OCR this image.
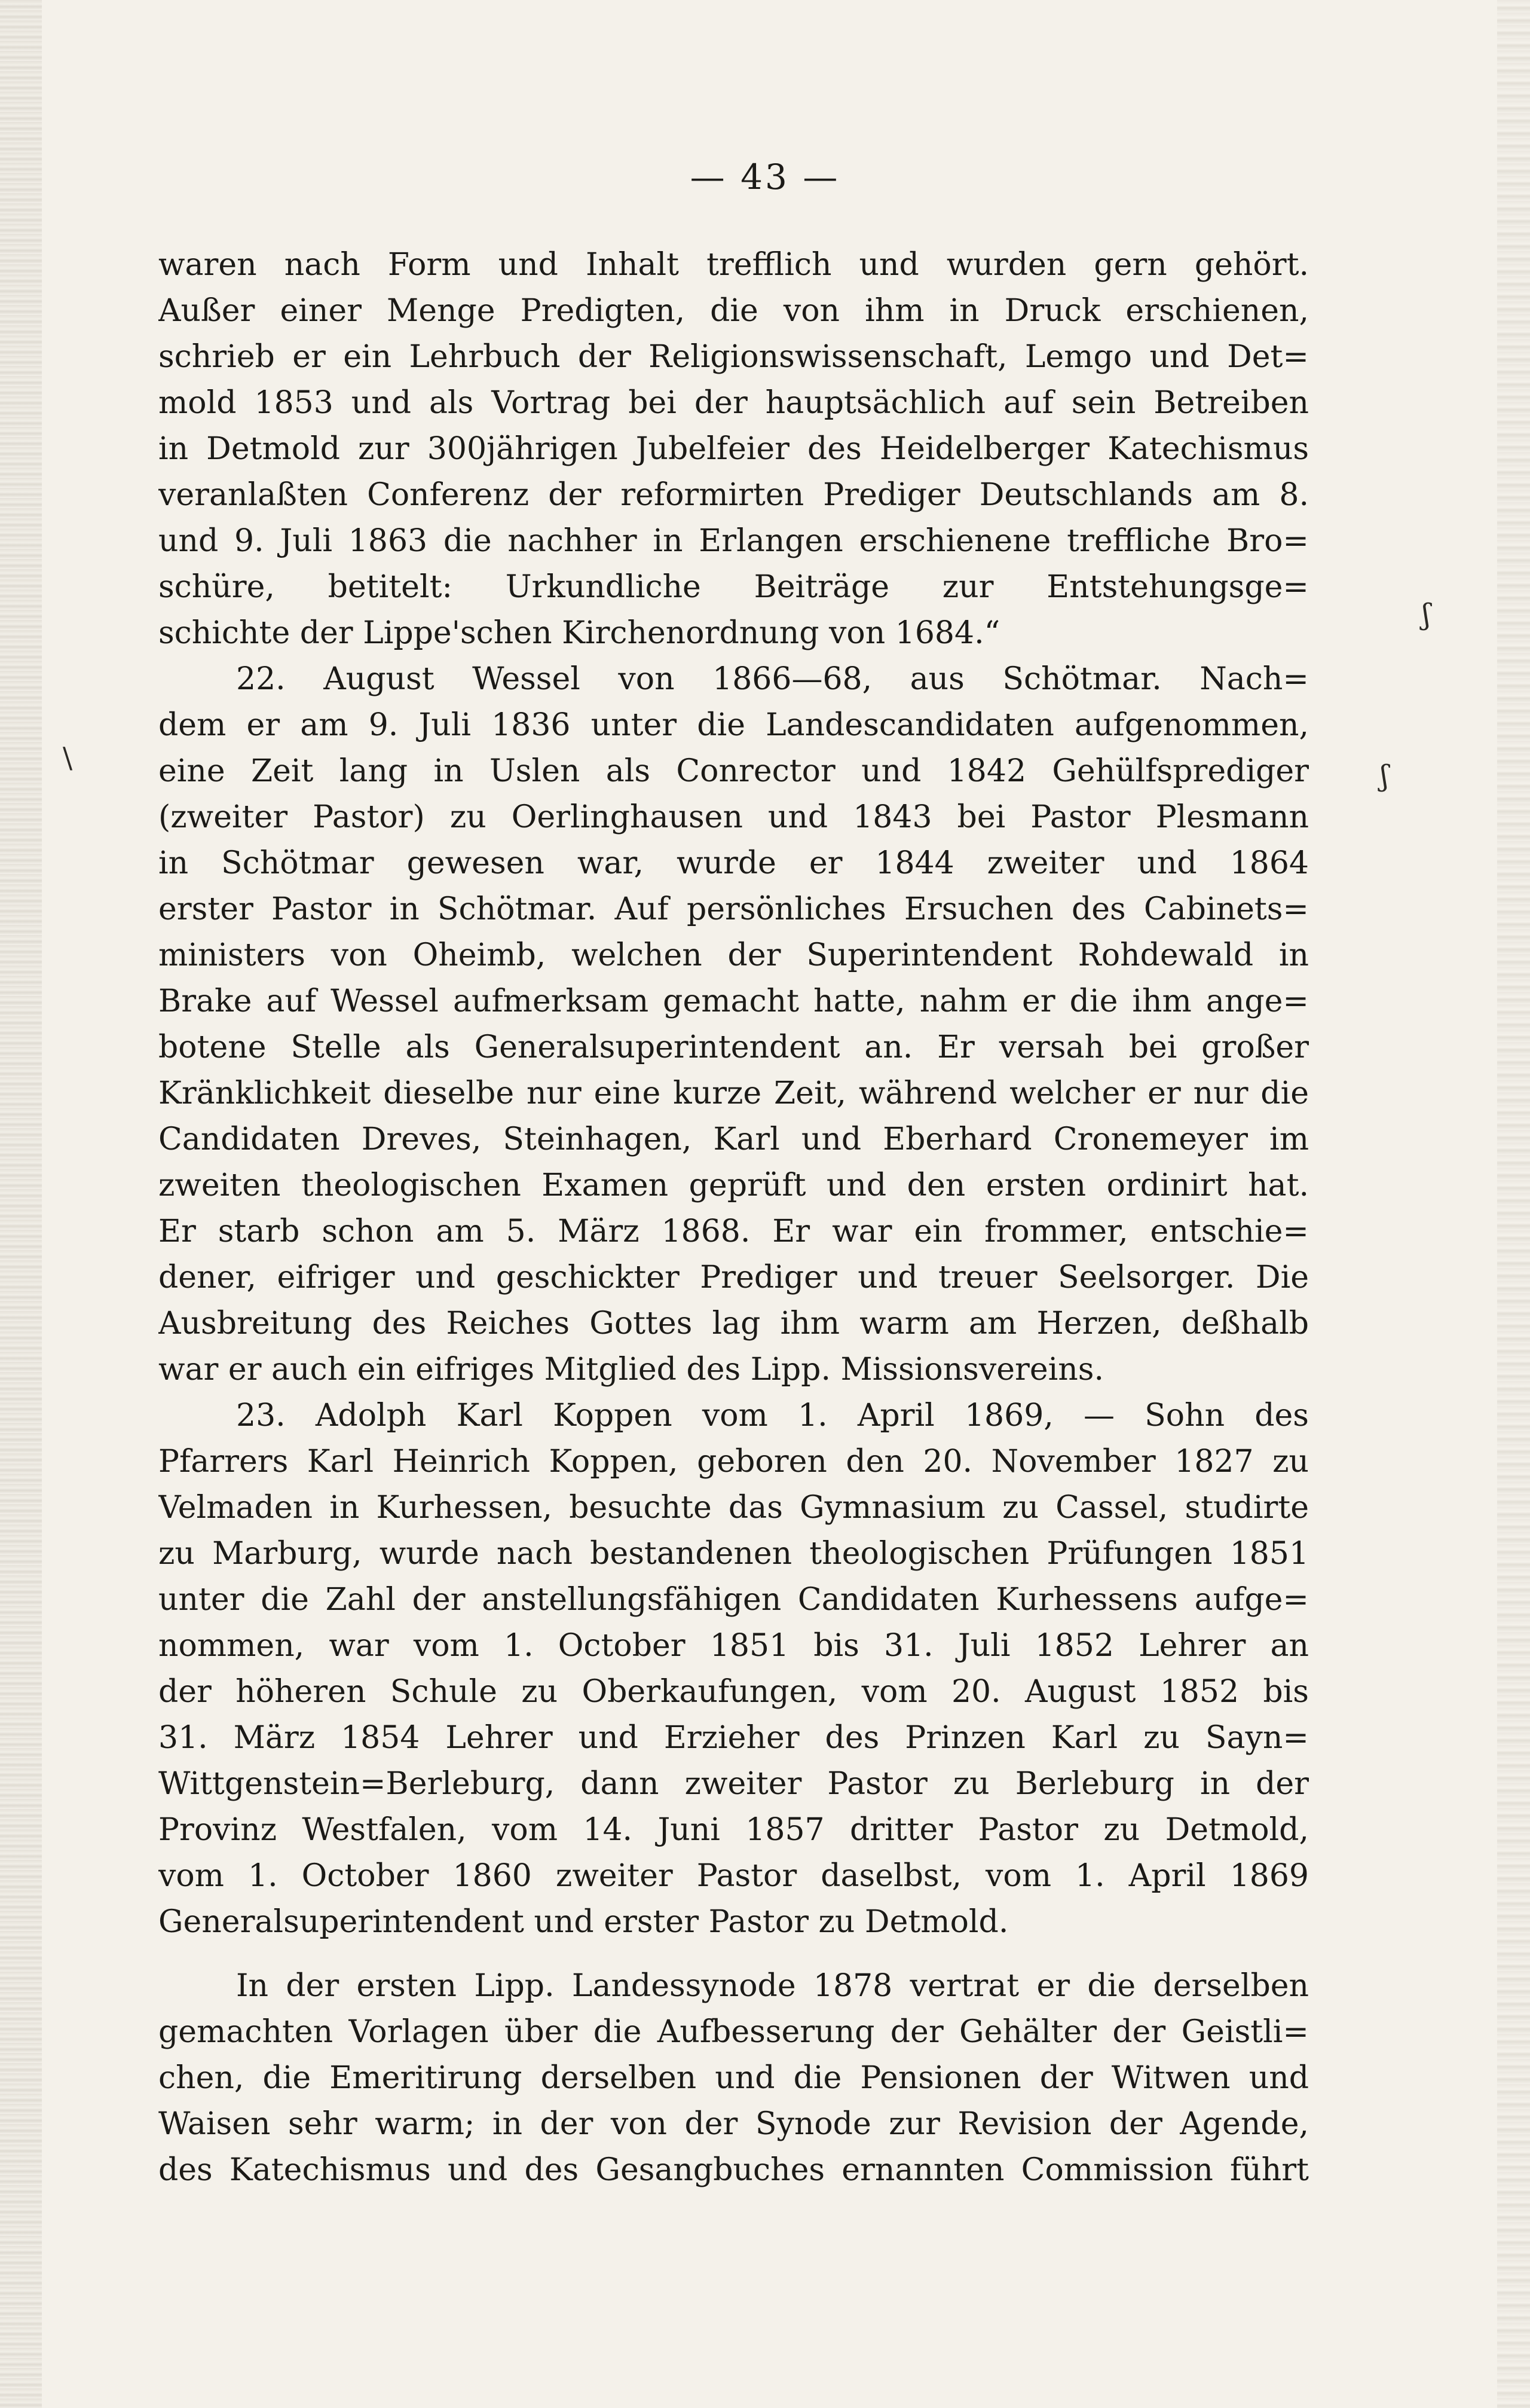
ʃ
ʃ
\
— 43 —
waren nach Form und Inhalt trefflich und wurden gern gehört.
Außer einer Menge Predigten, die von ihm in Druck erschienen,
schrieb er ein Lehrbuch der Religionswissenschaft, Lemgo und Det=
mold 1853 und als Vortrag bei der hauptsächlich auf sein Betreiben
in Detmold zur 300jährigen Jubelfeier des Heidelberger Katechismus
veranlaßten Conferenz der reformirten Prediger Deutschlands am 8.
und 9. Juli 1863 die nachher in Erlangen erschienene treffliche Bro=
schüre, betitelt: Urkundliche Beiträge zur Entstehungsge=
schichte der Lippe'schen Kirchenordnung von 1684.“
22. August Wessel von 1866—68, aus Schötmar. Nach=
dem er am 9. Juli 1836 unter die Landescandidaten aufgenommen,
eine Zeit lang in Uslen als Conrector und 1842 Gehülfsprediger
(zweiter Pastor) zu Oerlinghausen und 1843 bei Pastor Plesmann
in Schötmar gewesen war, wurde er 1844 zweiter und 1864
erster Pastor in Schötmar. Auf persönliches Ersuchen des Cabinets=
ministers von Oheimb, welchen der Superintendent Rohdewald in
Brake auf Wessel aufmerksam gemacht hatte, nahm er die ihm ange=
botene Stelle als Generalsuperintendent an. Er versah bei großer
Kränklichkeit dieselbe nur eine kurze Zeit, während welcher er nur die
Candidaten Dreves, Steinhagen, Karl und Eberhard Cronemeyer im
zweiten theologischen Examen geprüft und den ersten ordinirt hat.
Er starb schon am 5. März 1868. Er war ein frommer, entschie=
dener, eifriger und geschickter Prediger und treuer Seelsorger. Die
Ausbreitung des Reiches Gottes lag ihm warm am Herzen, deßhalb
war er auch ein eifriges Mitglied des Lipp. Missionsvereins.
23. Adolph Karl Koppen vom 1. April 1869, — Sohn des
Pfarrers Karl Heinrich Koppen, geboren den 20. November 1827 zu
Velmaden in Kurhessen, besuchte das Gymnasium zu Cassel, studirte
zu Marburg, wurde nach bestandenen theologischen Prüfungen 1851
unter die Zahl der anstellungsfähigen Candidaten Kurhessens aufge=
nommen, war vom 1. October 1851 bis 31. Juli 1852 Lehrer an
der höheren Schule zu Oberkaufungen, vom 20. August 1852 bis
31. März 1854 Lehrer und Erzieher des Prinzen Karl zu Sayn=
Wittgenstein=Berleburg, dann zweiter Pastor zu Berleburg in der
Provinz Westfalen, vom 14. Juni 1857 dritter Pastor zu Detmold,
vom 1. October 1860 zweiter Pastor daselbst, vom 1. April 1869
Generalsuperintendent und erster Pastor zu Detmold.
In der ersten Lipp. Landessynode 1878 vertrat er die derselben
gemachten Vorlagen über die Aufbesserung der Gehälter der Geistli=
chen, die Emeritirung derselben und die Pensionen der Witwen und
Waisen sehr warm; in der von der Synode zur Revision der Agende,
des Katechismus und des Gesangbuches ernannten Commission führt
